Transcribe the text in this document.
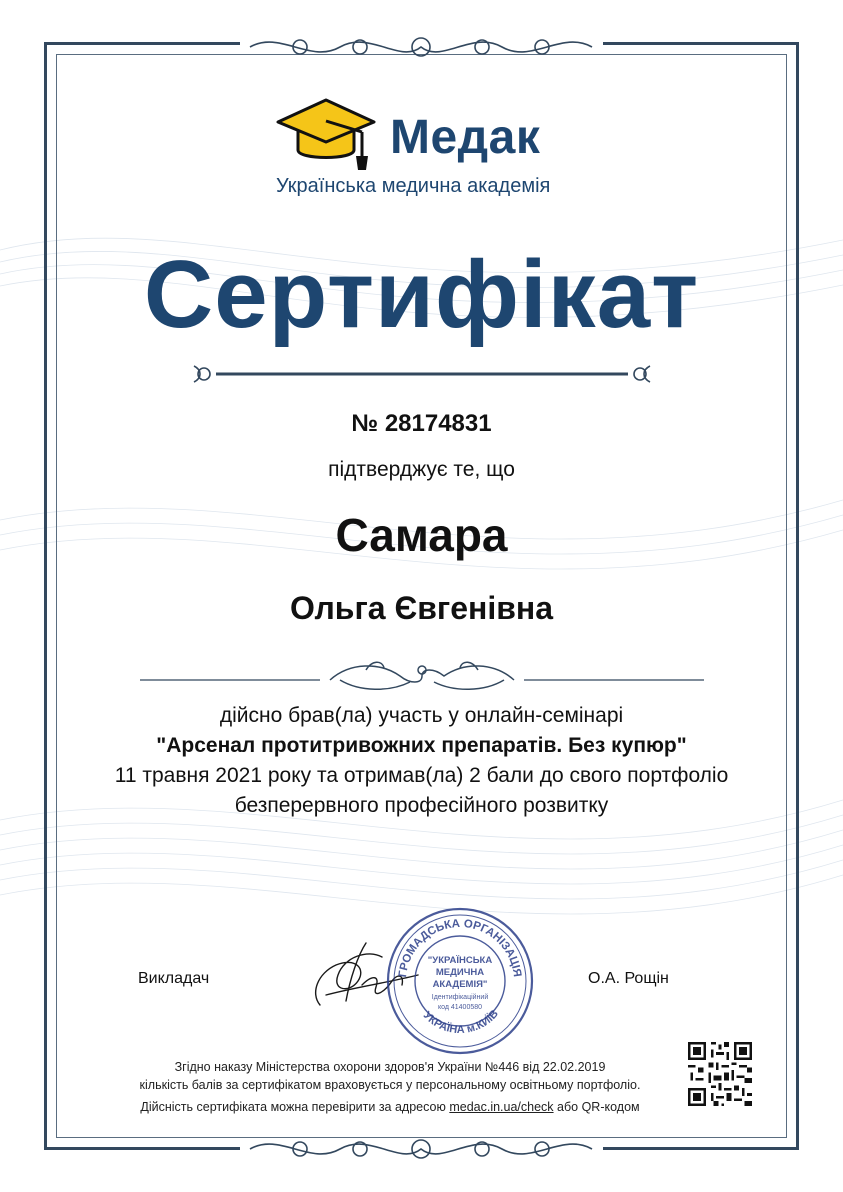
Медак
Українська медична академія
Сертифікат
№ 28174831
підтверджує те, що
Самара
Ольга Євгенівна
дійсно брав(ла) участь у онлайн-семінарі
"Арсенал протитривожних препаратів. Без купюр"
11 травня 2021 року та отримав(ла) 2 бали до свого портфоліо
безперервного професійного розвитку
Викладач	ГРОМАДСЬКА ОРГАНІЗАЦІЯ
УКРАЇНА м.КИЇВ
"УКРАЇНСЬКА
МЕДИЧНА
АКАДЕМІЯ"
Ідентифікаційний
код 41400580
О.А. Рощін
Згідно наказу Міністерства охорони здоров'я України №446 від 22.02.2019
кількість балів за сертифікатом враховується у персональному освітньому портфоліо.
Дійсність сертифіката можна перевірити за адресою medac.in.ua/check або QR-кодом
